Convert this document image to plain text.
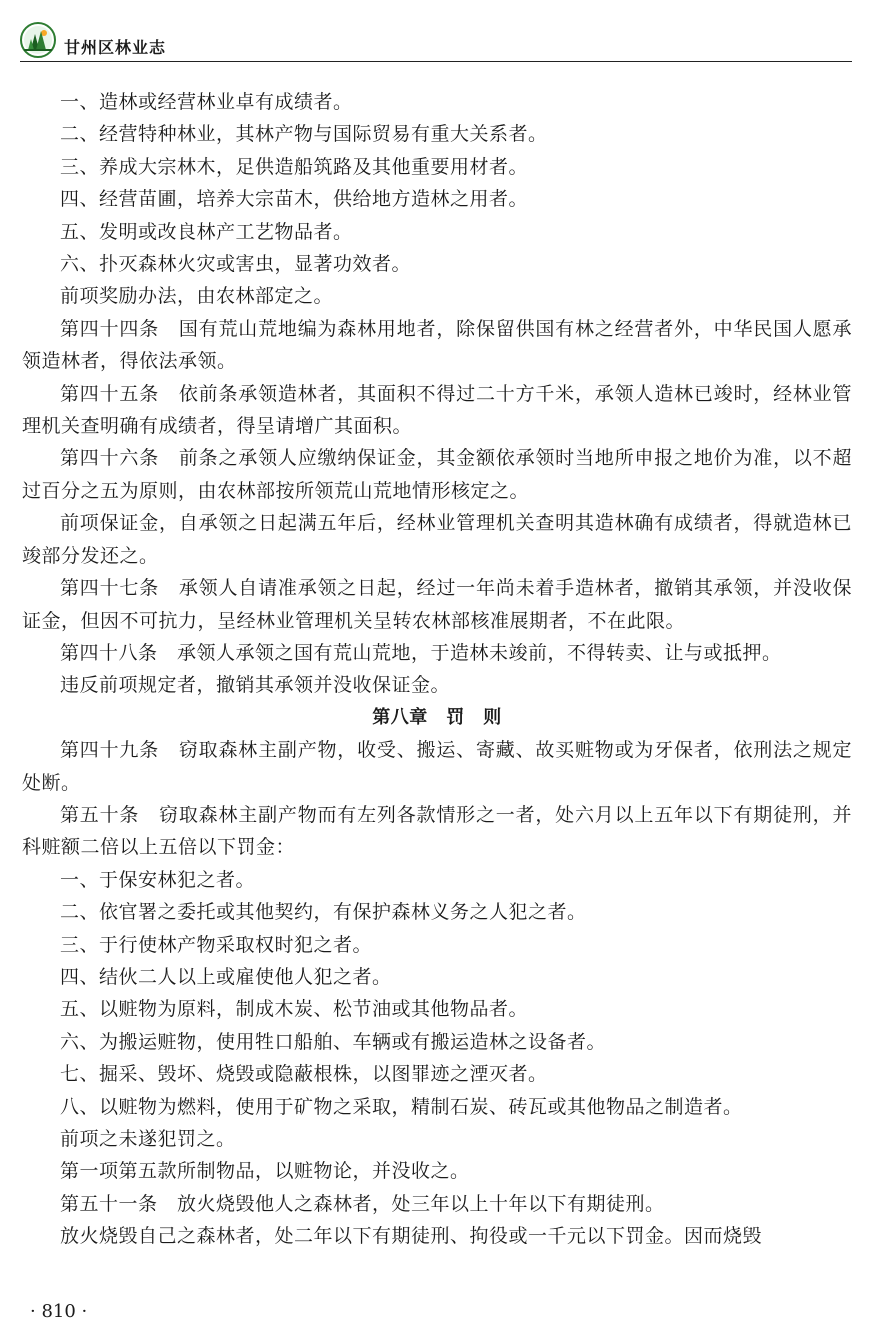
甘州区林业志

一、造林或经营林业卓有成绩者。

二、经营特种林业，其林产物与国际贸易有重大关系者。

三、养成大宗林木，足供造船筑路及其他重要用材者。

四、经营苗圃，培养大宗苗木，供给地方造林之用者。

五、发明或改良林产工艺物品者。

六、扑灭森林火灾或害虫，显著功效者。

前项奖励办法，由农林部定之。

第四十四条　国有荒山荒地编为森林用地者，除保留供国有林之经营者外，中华民国人愿承领造林者，得依法承领。

第四十五条　依前条承领造林者，其面积不得过二十方千米，承领人造林已竣时，经林业管理机关查明确有成绩者，得呈请增广其面积。

第四十六条　前条之承领人应缴纳保证金，其金额依承领时当地所申报之地价为准，以不超过百分之五为原则，由农林部按所领荒山荒地情形核定之。

前项保证金，自承领之日起满五年后，经林业管理机关查明其造林确有成绩者，得就造林已竣部分发还之。

第四十七条　承领人自请准承领之日起，经过一年尚未着手造林者，撤销其承领，并没收保证金，但因不可抗力，呈经林业管理机关呈转农林部核准展期者，不在此限。

第四十八条　承领人承领之国有荒山荒地，于造林未竣前，不得转卖、让与或抵押。

违反前项规定者，撤销其承领并没收保证金。

第八章　罚　则

第四十九条　窃取森林主副产物，收受、搬运、寄藏、故买赃物或为牙保者，依刑法之规定处断。

第五十条　窃取森林主副产物而有左列各款情形之一者，处六月以上五年以下有期徒刑，并科赃额二倍以上五倍以下罚金：

一、于保安林犯之者。

二、依官署之委托或其他契约，有保护森林义务之人犯之者。

三、于行使林产物采取权时犯之者。

四、结伙二人以上或雇使他人犯之者。

五、以赃物为原料，制成木炭、松节油或其他物品者。

六、为搬运赃物，使用牲口船舶、车辆或有搬运造林之设备者。

七、掘采、毁坏、烧毁或隐蔽根株，以图罪迹之湮灭者。

八、以赃物为燃料，使用于矿物之采取，精制石炭、砖瓦或其他物品之制造者。

前项之未遂犯罚之。

第一项第五款所制物品，以赃物论，并没收之。

第五十一条　放火烧毁他人之森林者，处三年以上十年以下有期徒刑。

放火烧毁自己之森林者，处二年以下有期徒刑、拘役或一千元以下罚金。因而烧毁

· 810 ·
